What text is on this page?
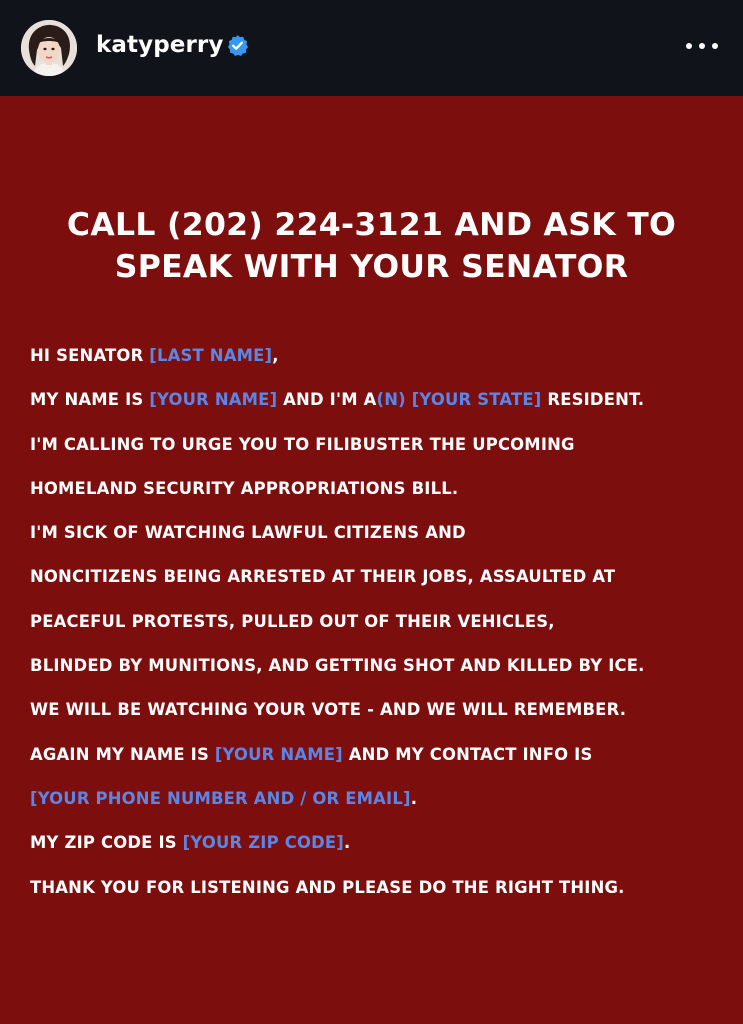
katyperry
CALL (202) 224-3121 AND ASK TO
SPEAK WITH YOUR SENATOR
HI SENATOR [LAST NAME],
MY NAME IS [YOUR NAME] AND I'M A(N) [YOUR STATE] RESIDENT.
I'M CALLING TO URGE YOU TO FILIBUSTER THE UPCOMING
HOMELAND SECURITY APPROPRIATIONS BILL.
I'M SICK OF WATCHING LAWFUL CITIZENS AND
NONCITIZENS BEING ARRESTED AT THEIR JOBS, ASSAULTED AT
PEACEFUL PROTESTS, PULLED OUT OF THEIR VEHICLES,
BLINDED BY MUNITIONS, AND GETTING SHOT AND KILLED BY ICE.
WE WILL BE WATCHING YOUR VOTE - AND WE WILL REMEMBER.
AGAIN MY NAME IS [YOUR NAME] AND MY CONTACT INFO IS
[YOUR PHONE NUMBER AND / OR EMAIL].
MY ZIP CODE IS [YOUR ZIP CODE].
THANK YOU FOR LISTENING AND PLEASE DO THE RIGHT THING.
